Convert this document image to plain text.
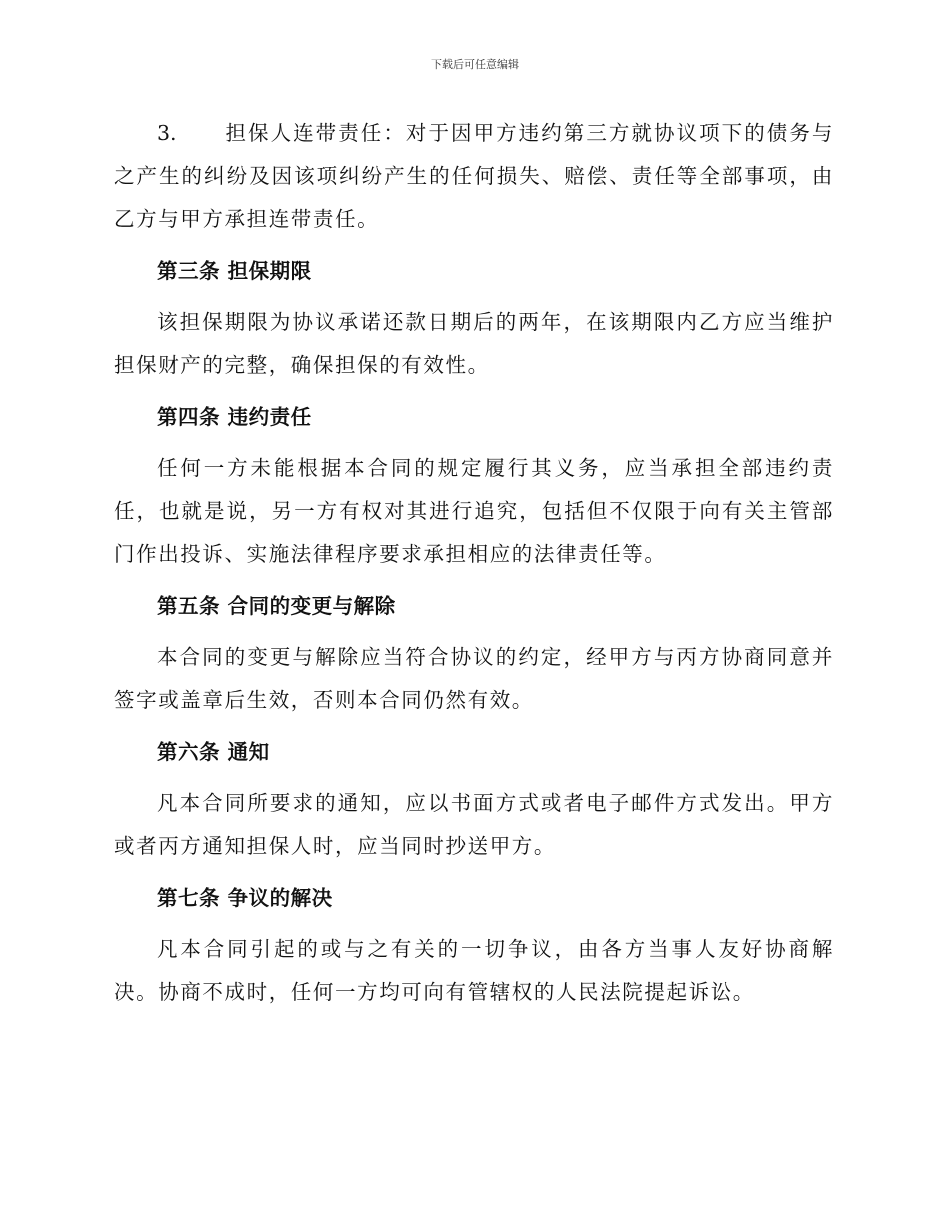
下载后可任意编辑

3. 担保人连带责任：对于因甲方违约第三方就协议项下的债务与之产生的纠纷及因该项纠纷产生的任何损失、赔偿、责任等全部事项，由乙方与甲方承担连带责任。

第三条 担保期限

该担保期限为协议承诺还款日期后的两年，在该期限内乙方应当维护担保财产的完整，确保担保的有效性。

第四条 违约责任

任何一方未能根据本合同的规定履行其义务，应当承担全部违约责任，也就是说，另一方有权对其进行追究，包括但不仅限于向有关主管部门作出投诉、实施法律程序要求承担相应的法律责任等。

第五条 合同的变更与解除

本合同的变更与解除应当符合协议的约定，经甲方与丙方协商同意并签字或盖章后生效，否则本合同仍然有效。

第六条 通知

凡本合同所要求的通知，应以书面方式或者电子邮件方式发出。甲方或者丙方通知担保人时，应当同时抄送甲方。

第七条 争议的解决

凡本合同引起的或与之有关的一切争议，由各方当事人友好协商解决。协商不成时，任何一方均可向有管辖权的人民法院提起诉讼。
